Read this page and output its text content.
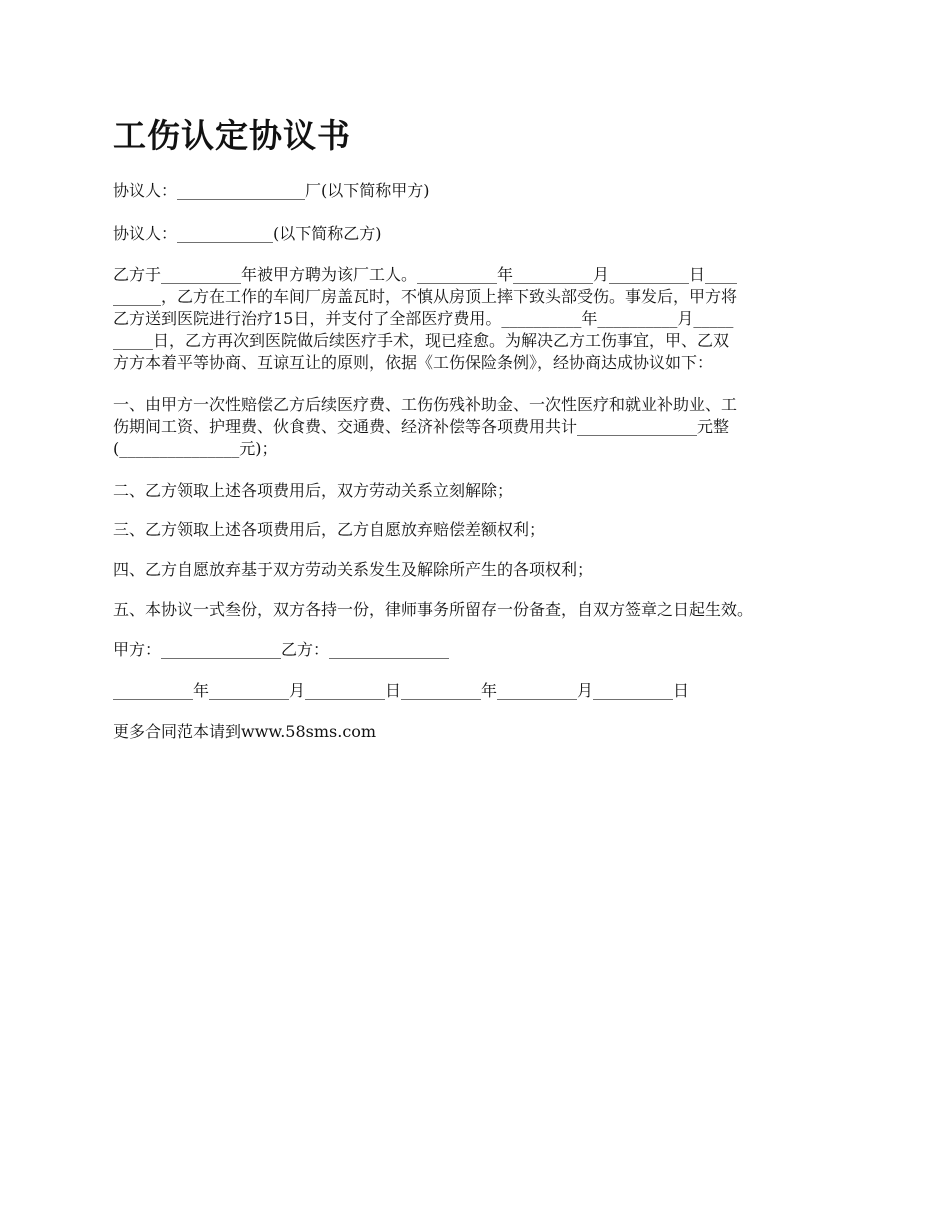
工伤认定协议书

协议人：________________厂(以下简称甲方)

协议人：____________(以下简称乙方)

乙方于__________年被甲方聘为该厂工人。__________年__________月__________日____
______，乙方在工作的车间厂房盖瓦时，不慎从房顶上摔下致头部受伤。事发后，甲方将
乙方送到医院进行治疗15日，并支付了全部医疗费用。__________年__________月_____
_____日，乙方再次到医院做后续医疗手术，现已痊愈。为解决乙方工伤事宜，甲、乙双
方方本着平等协商、互谅互让的原则，依据《工伤保险条例》，经协商达成协议如下：

一、由甲方一次性赔偿乙方后续医疗费、工伤伤残补助金、一次性医疗和就业补助业、工
伤期间工资、护理费、伙食费、交通费、经济补偿等各项费用共计_______________元整
(_______________元)；

二、乙方领取上述各项费用后，双方劳动关系立刻解除；

三、乙方领取上述各项费用后，乙方自愿放弃赔偿差额权利；

四、乙方自愿放弃基于双方劳动关系发生及解除所产生的各项权利；

五、本协议一式叁份，双方各持一份，律师事务所留存一份备查，自双方签章之日起生效。

甲方：_______________乙方：_______________

__________年__________月__________日__________年__________月__________日

更多合同范本请到www.58sms.com
